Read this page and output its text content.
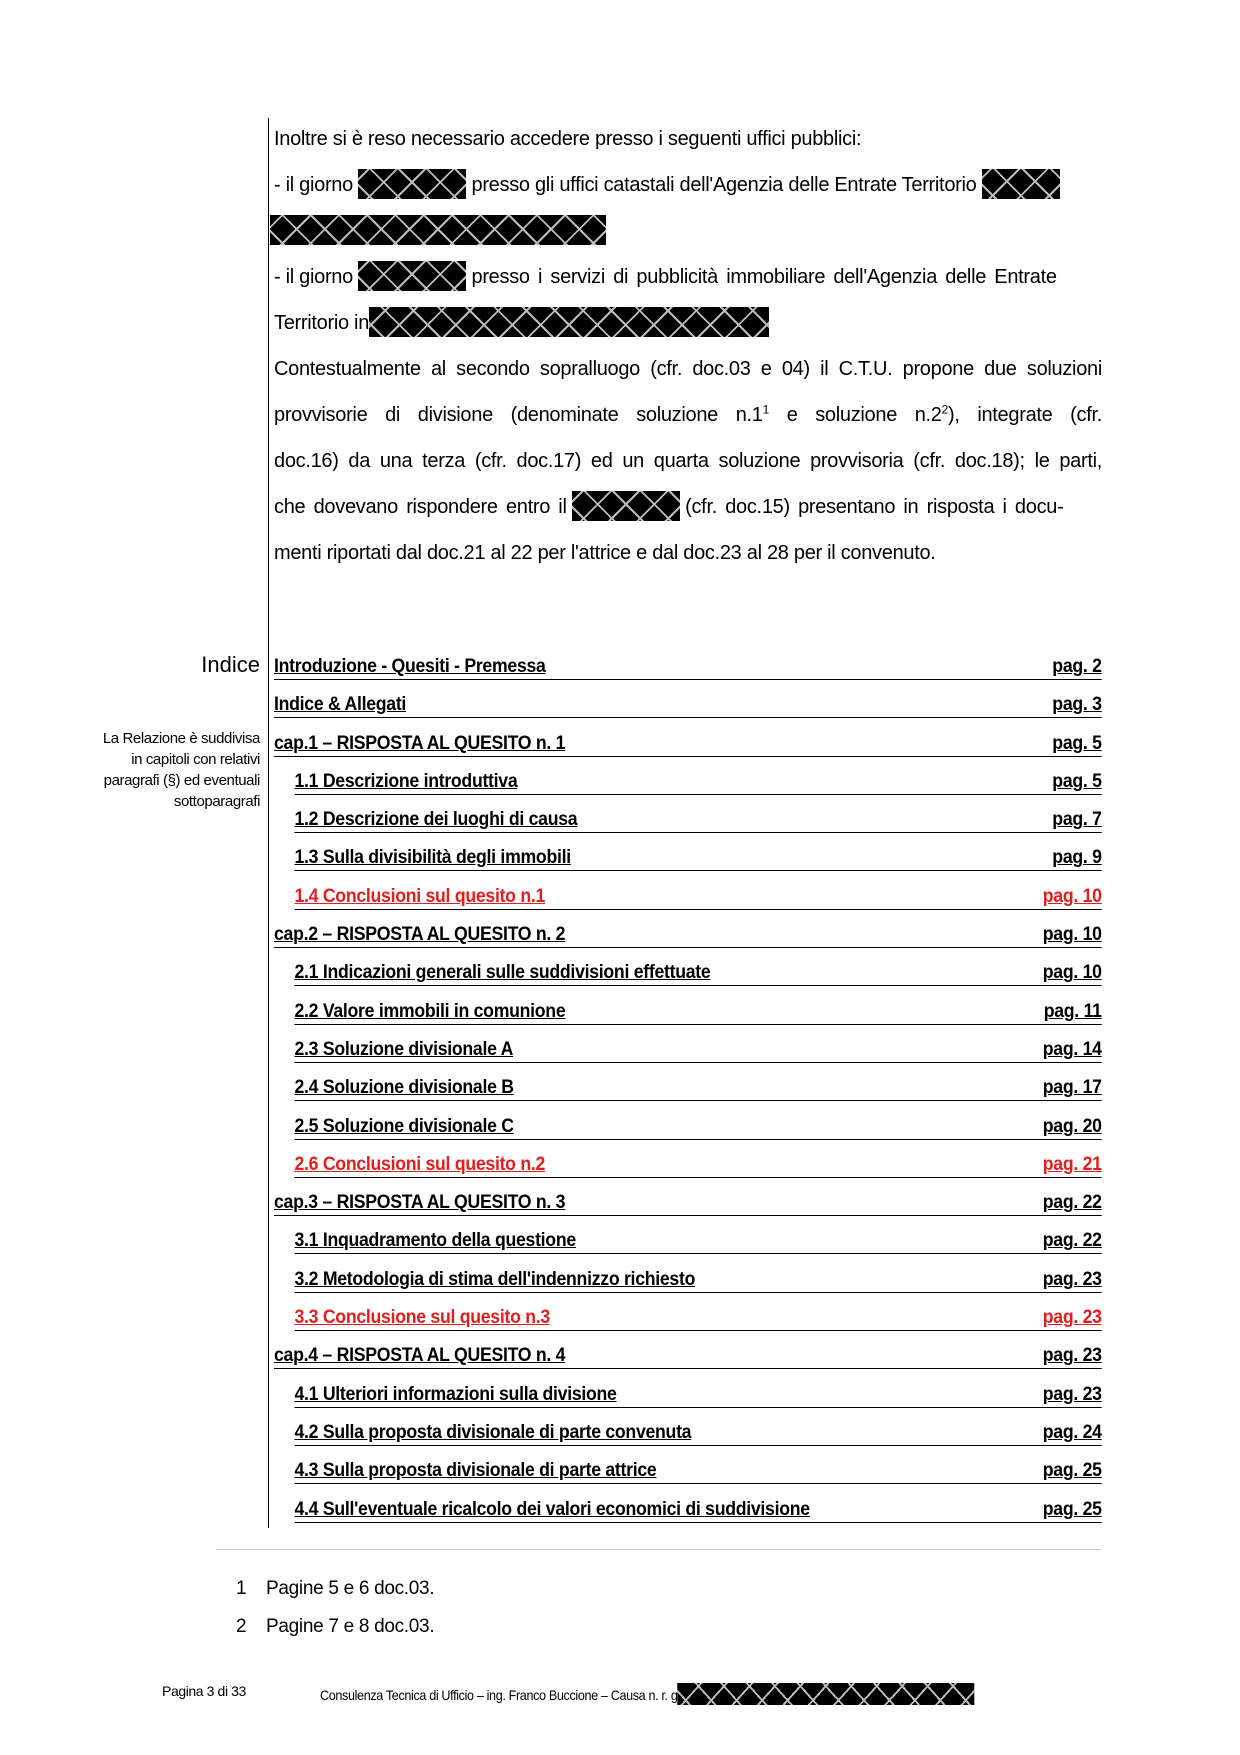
Inoltre si è reso necessario accedere presso i seguenti uffici pubblici:
- il giorno	presso gli uffici catastali dell'Agenzia delle Entrate Territorio
- il giorno	presso i servizi di pubblicità immobiliare dell'Agenzia delle Entrate
Territorio in
Contestualmente al secondo sopralluogo (cfr. doc.03 e 04) il C.T.U. propone due soluzioni
provvisorie di divisione (denominate soluzione $n.1^1$ e soluzione $n.2^2$), integrate (cfr.
doc.16) da una terza (cfr. doc.17) ed un quarta soluzione provvisoria (cfr. doc.18); le parti,
che dovevano rispondere entro il	(cfr. doc.15) presentano in risposta i docu-
menti riportati dal doc.21 al 22 per l'attrice e dal doc.23 al 28 per il convenuto.
Indice
La Relazione è suddivisa in capitoli con relativi paragrafi (§) ed eventuali sottoparagrafi
Introduzione - Quesiti - Premessa	pag. 2
Indice & Allegati	pag. 3
cap.1 – RISPOSTA AL QUESITO n. 1	pag. 5
1.1 Descrizione introduttiva	pag. 5
1.2 Descrizione dei luoghi di causa	pag. 7
1.3 Sulla divisibilità degli immobili	pag. 9
1.4 Conclusioni sul quesito n.1	pag. 10
cap.2 – RISPOSTA AL QUESITO n. 2	pag. 10
2.1 Indicazioni generali sulle suddivisioni effettuate	pag. 10
2.2 Valore immobili in comunione	pag. 11
2.3 Soluzione divisionale A	pag. 14
2.4 Soluzione divisionale B	pag. 17
2.5 Soluzione divisionale C	pag. 20
2.6 Conclusioni sul quesito n.2	pag. 21
cap.3 – RISPOSTA AL QUESITO n. 3	pag. 22
3.1 Inquadramento della questione	pag. 22
3.2 Metodologia di stima dell'indennizzo richiesto	pag. 23
3.3 Conclusione sul quesito n.3	pag. 23
cap.4 – RISPOSTA AL QUESITO n. 4	pag. 23
4.1 Ulteriori informazioni sulla divisione	pag. 23
4.2 Sulla proposta divisionale di parte convenuta	pag. 24
4.3 Sulla proposta divisionale di parte attrice	pag. 25
4.4 Sull'eventuale ricalcolo dei valori economici di suddivisione	pag. 25
1 Pagine 5 e 6 doc.03.
2 Pagine 7 e 8 doc.03.
Pagina 3 di 33	Consulenza Tecnica di Ufficio – ing. Franco Buccione – Causa n. r. g
